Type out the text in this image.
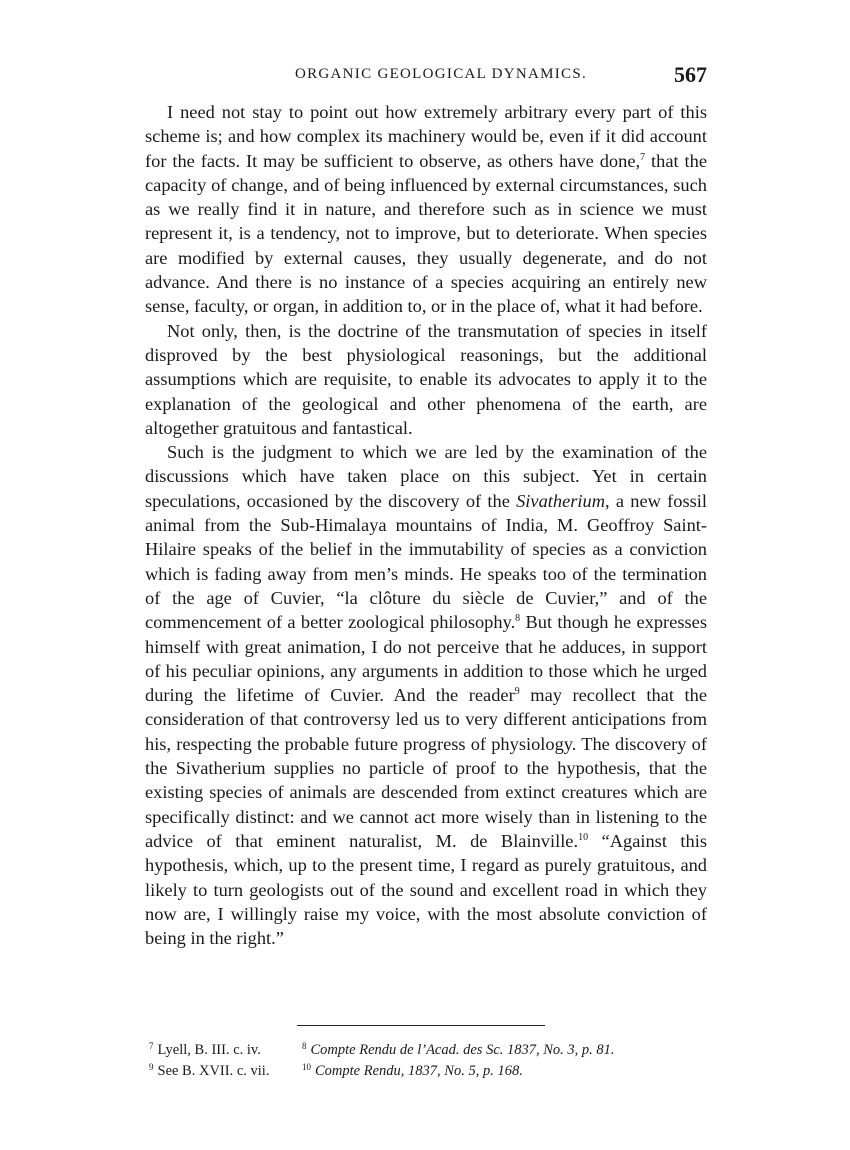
ORGANIC GEOLOGICAL DYNAMICS.	567

I need not stay to point out how extremely arbitrary every part of this scheme is; and how complex its machinery would be, even if it did account for the facts. It may be sufficient to observe, as others have done,$^7$ that the capacity of change, and of being influenced by external circumstances, such as we really find it in nature, and therefore such as in science we must represent it, is a tendency, not to improve, but to deteriorate. When species are modified by external causes, they usually degenerate, and do not advance. And there is no instance of a species acquiring an entirely new sense, faculty, or organ, in addition to, or in the place of, what it had before.

Not only, then, is the doctrine of the transmutation of species in itself disproved by the best physiological reasonings, but the additional assumptions which are requisite, to enable its advocates to apply it to the explanation of the geological and other phenomena of the earth, are altogether gratuitous and fantastical.

Such is the judgment to which we are led by the examination of the discussions which have taken place on this subject. Yet in certain speculations, occasioned by the discovery of the Sivatherium, a new fossil animal from the Sub-Himalaya mountains of India, M. Geoffroy Saint-Hilaire speaks of the belief in the immutability of species as a conviction which is fading away from men’s minds. He speaks too of the termination of the age of Cuvier, “la clôture du siècle de Cuvier,” and of the commencement of a better zoological philosophy.$^8$ But though he expresses himself with great animation, I do not perceive that he adduces, in support of his peculiar opinions, any arguments in addition to those which he urged during the lifetime of Cuvier. And the reader$^9$ may recollect that the consideration of that controversy led us to very different anticipations from his, respecting the probable future progress of physiology. The discovery of the Sivatherium supplies no particle of proof to the hypothesis, that the existing species of animals are descended from extinct creatures which are specifically distinct: and we cannot act more wisely than in listening to the advice of that eminent naturalist, M. de Blainville.$^{10}$ “Against this hypothesis, which, up to the present time, I regard as purely gratuitous, and likely to turn geologists out of the sound and excellent road in which they now are, I willingly raise my voice, with the most absolute conviction of being in the right.”

$^7$ Lyell, B. III. c. iv.	$^8$ Compte Rendu de l’Acad. des Sc. 1837, No. 3, p. 81.
$^9$ See B. XVII. c. vii.	$^{10}$ Compte Rendu, 1837, No. 5, p. 168.
